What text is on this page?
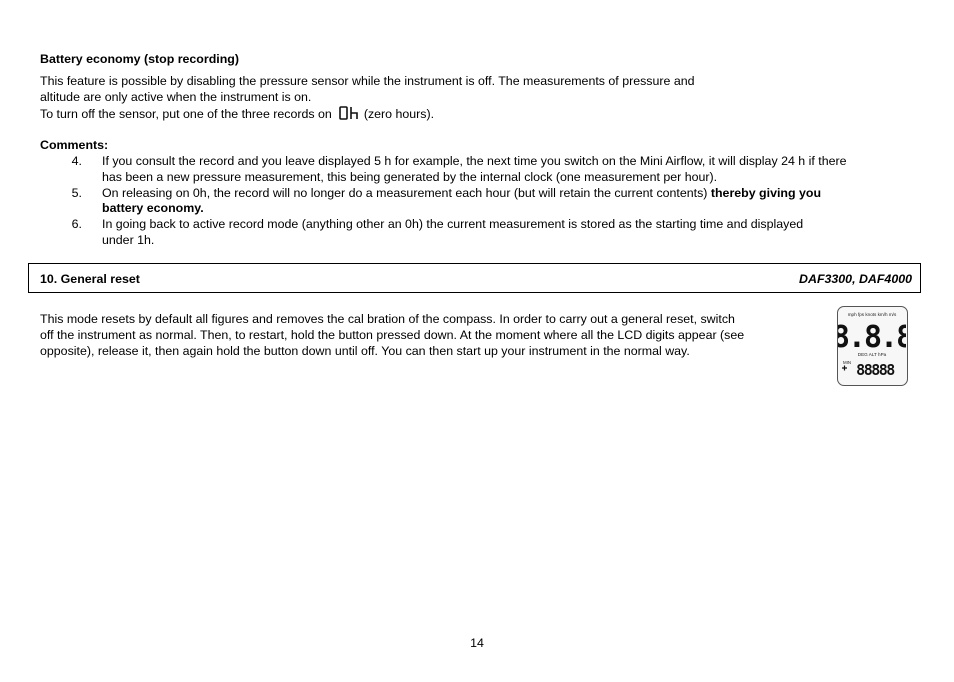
Battery economy (stop recording)
This feature is possible by disabling the pressure sensor while the instrument is off. The measurements of pressure and
altitude are only active when the instrument is on.
To turn off the sensor, put one of the three records on	(zero hours).
Comments:
4. If you consult the record and you leave displayed 5 h for example, the next time you switch on the Mini Airflow, it will display 24 h if there
has been a new pressure measurement, this being generated by the internal clock (one measurement per hour).
5. On releasing on 0h, the record will no longer do a measurement each hour (but will retain the current contents) thereby giving you
battery economy.
6. In going back to active record mode (anything other an 0h) the current measurement is stored as the starting time and displayed
under 1h.
10. General reset	DAF3300, DAF4000
This mode resets by default all figures and removes the cal bration of the compass. In order to carry out a general reset, switch
off the instrument as normal. Then, to restart, hold the button pressed down. At the moment where all the LCD digits appear (see
opposite), release it, then again hold the button down until off. You can then start up your instrument in the normal way.
mph fps knots km/h m/s
8.8.8
DEG ALT hPa
MIN 88888
14
